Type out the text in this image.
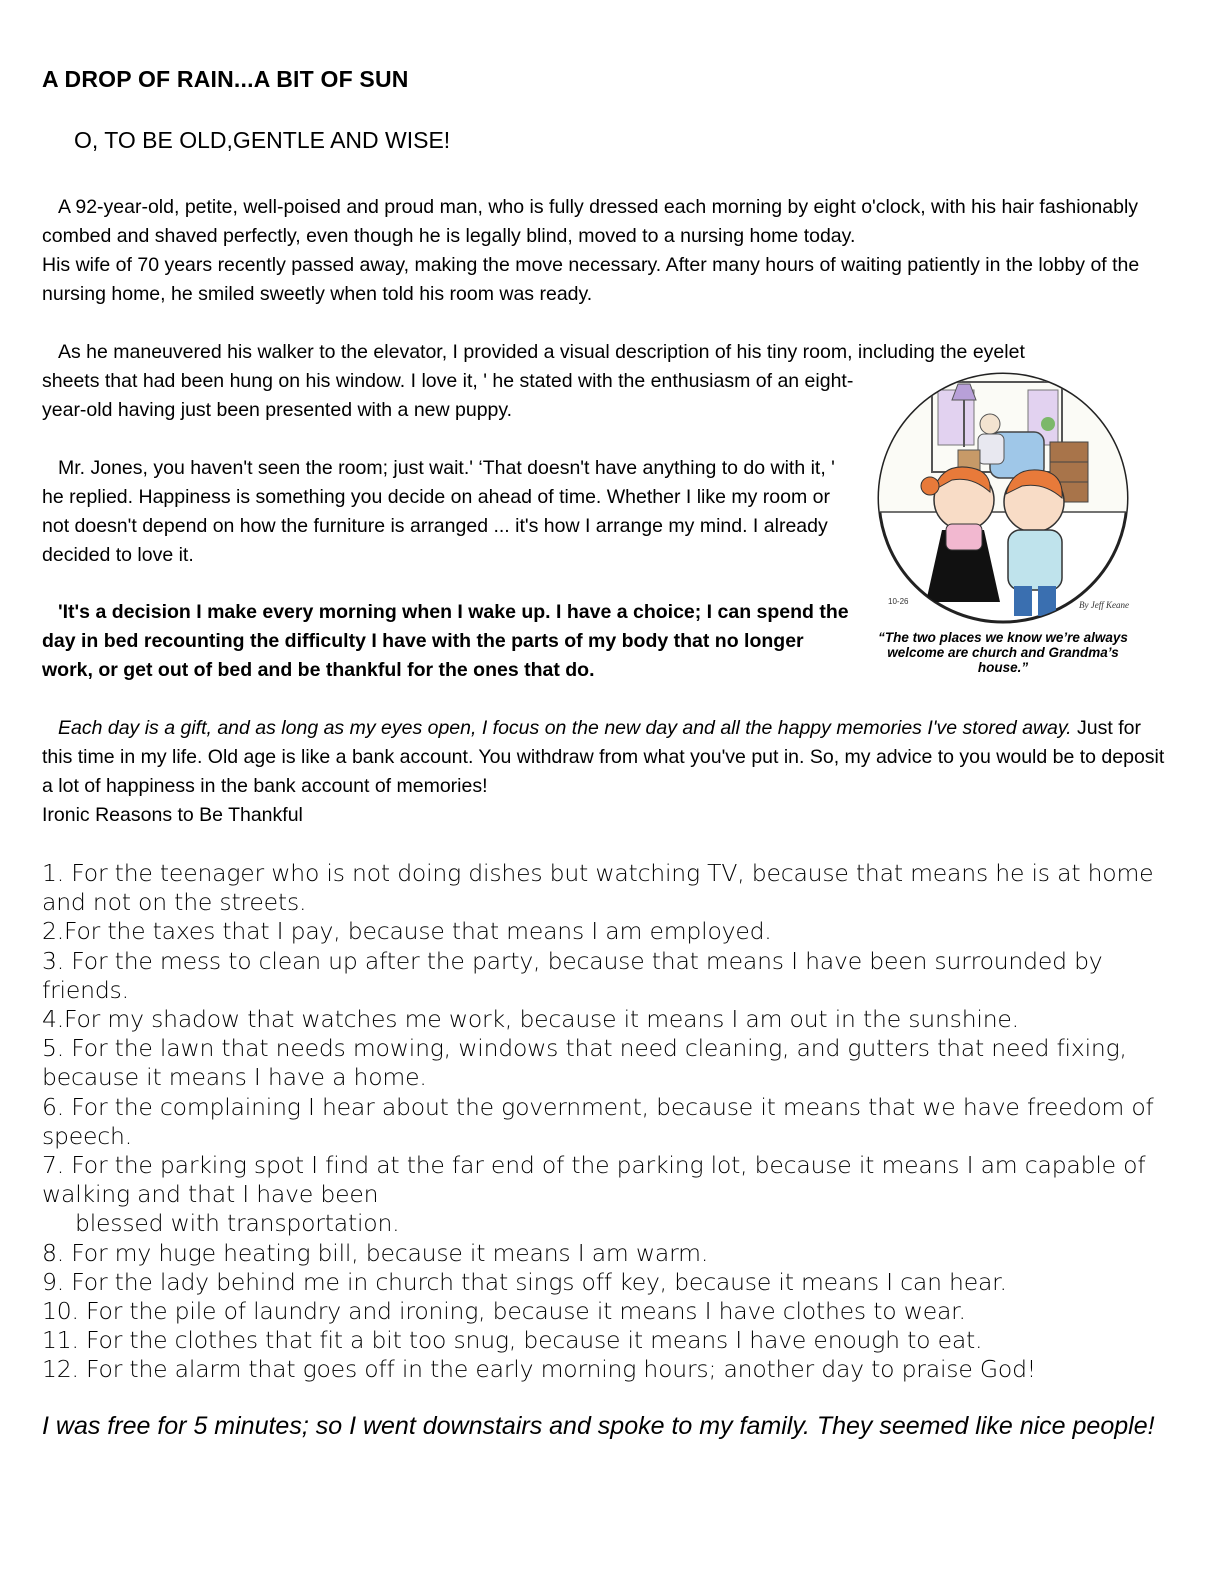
A DROP OF RAIN...A BIT OF SUN
O, TO BE OLD,GENTLE AND WISE!
A 92-year-old, petite, well-poised and proud man, who is fully dressed each morning by eight o'clock, with his hair fashionably combed and shaved perfectly, even though he is legally blind, moved to a nursing home today.
His wife of 70 years recently passed away, making the move necessary. After many hours of waiting patiently in the lobby of the nursing home, he smiled sweetly when told his room was ready.
As he maneuvered his walker to the elevator, I provided a visual description of his tiny room, including the eyelet
sheets that had been hung on his window. I love it, ' he stated with the enthusiasm of an eight-year-old having just been presented with a new puppy.
Mr. Jones, you haven't seen the room; just wait.' ‘That doesn't have anything to do with it, ' he replied. Happiness is something you decide on ahead of time. Whether I like my room or not doesn't depend on how the furniture is arranged ... it's how I arrange my mind. I already decided to love it.
'It's a decision I make every morning when I wake up. I have a choice; I can spend the day in bed recounting the difficulty I have with the parts of my body that no longer work, or get out of bed and be thankful for the ones that do.
Each day is a gift, and as long as my eyes open, I focus on the new day and all the happy memories I've stored away. Just for this time in my life. Old age is like a bank account. You withdraw from what you've put in. So, my advice to you would be to deposit a lot of happiness in the bank account of memories!
Ironic Reasons to Be Thankful
1. For the teenager who is not doing dishes but watching TV, because that means he is at home and not on the streets.
2.For the taxes that I pay, because that means I am employed.
3. For the mess to clean up after the party, because that means I have been surrounded by friends.
4.For my shadow that watches me work, because it means I am out in the sunshine.
5. For the lawn that needs mowing, windows that need cleaning, and gutters that need fixing, because it means I have a home.
6. For the complaining I hear about the government, because it means that we have freedom of speech.
7. For the parking spot I find at the far end of the parking lot, because it means I am capable of walking and that I have been
blessed with transportation.
8. For my huge heating bill, because it means I am warm.
9. For the lady behind me in church that sings off key, because it means I can hear.
10. For the pile of laundry and ironing, because it means I have clothes to wear.
11. For the clothes that fit a bit too snug, because it means I have enough to eat.
12. For the alarm that goes off in the early morning hours; another day to praise God!
I was free for 5 minutes; so I went downstairs and spoke to my family. They seemed like nice people!
10-26	By Jeff Keane
“The two places we know we’re always welcome are church and Grandma’s house.”
